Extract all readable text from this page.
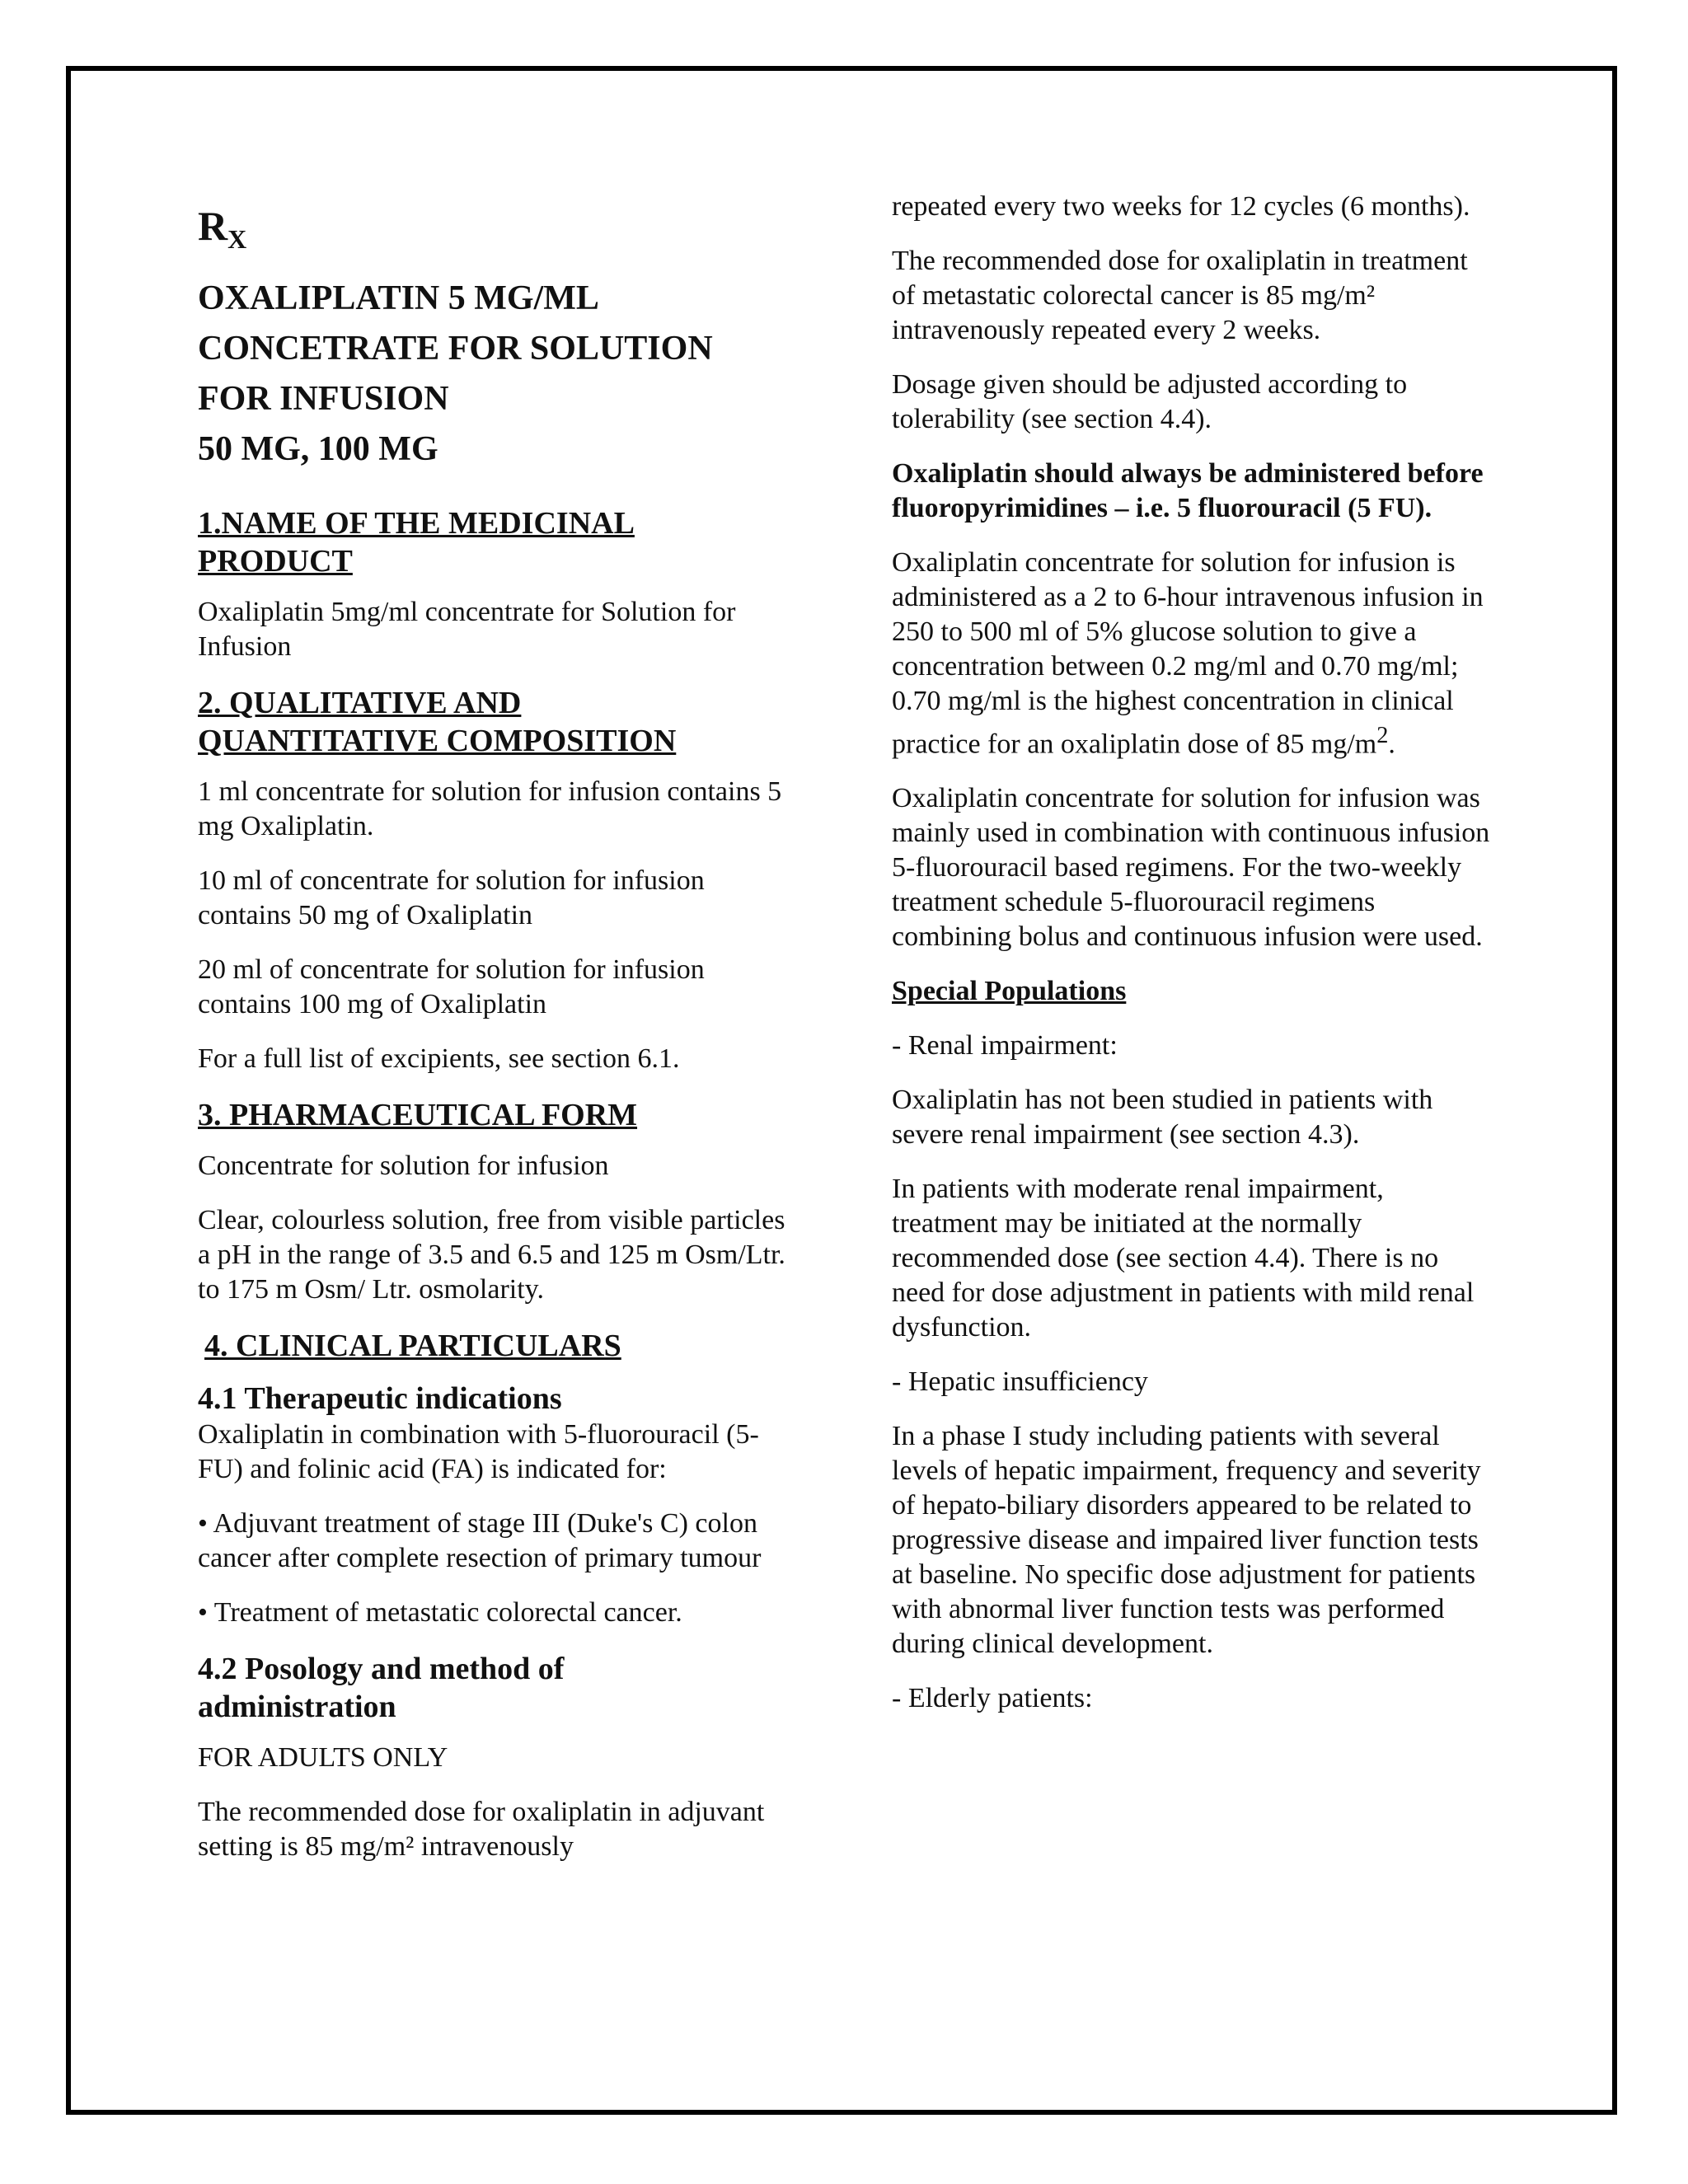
$R_X$
OXALIPLATIN 5 MG/ML
CONCETRATE FOR SOLUTION
FOR INFUSION
50 MG, 100 MG
1.NAME OF THE MEDICINAL
PRODUCT

Oxaliplatin 5mg/ml concentrate for Solution for Infusion

2. QUALITATIVE AND
QUANTITATIVE COMPOSITION

1 ml concentrate for solution for infusion contains 5 mg Oxaliplatin.

10 ml of concentrate for solution for infusion contains 50 mg of Oxaliplatin

20 ml of concentrate for solution for infusion contains 100 mg of Oxaliplatin

For a full list of excipients, see section 6.1.

3. PHARMACEUTICAL FORM

Concentrate for solution for infusion

Clear, colourless solution, free from visible particles a pH in the range of 3.5 and 6.5 and 125 m Osm/Ltr. to 175 m Osm/ Ltr. osmolarity.

4. CLINICAL PARTICULARS
4.1 Therapeutic indications

Oxaliplatin in combination with 5-fluorouracil (5-FU) and folinic acid (FA) is indicated for:

• Adjuvant treatment of stage III (Duke's C) colon cancer after complete resection of primary tumour

• Treatment of metastatic colorectal cancer.

4.2 Posology and method of
administration

FOR ADULTS ONLY

The recommended dose for oxaliplatin in adjuvant setting is 85 mg/m² intravenously

repeated every two weeks for 12 cycles (6 months).

The recommended dose for oxaliplatin in treatment of metastatic colorectal cancer is 85 mg/m² intravenously repeated every 2 weeks.

Dosage given should be adjusted according to tolerability (see section 4.4).

Oxaliplatin should always be administered before fluoropyrimidines – i.e. 5 fluorouracil (5 FU).

Oxaliplatin concentrate for solution for infusion is administered as a 2 to 6-hour intravenous infusion in 250 to 500 ml of 5% glucose solution to give a concentration between 0.2 mg/ml and 0.70 mg/ml; 0.70 mg/ml is the highest concentration in clinical practice for an oxaliplatin dose of 85 $mg/m^2$.

Oxaliplatin concentrate for solution for infusion was mainly used in combination with continuous infusion 5-fluorouracil based regimens. For the two-weekly treatment schedule 5-fluorouracil regimens combining bolus and continuous infusion were used.

Special Populations

- Renal impairment:

Oxaliplatin has not been studied in patients with severe renal impairment (see section 4.3).

In patients with moderate renal impairment, treatment may be initiated at the normally recommended dose (see section 4.4). There is no need for dose adjustment in patients with mild renal dysfunction.

- Hepatic insufficiency

In a phase I study including patients with several levels of hepatic impairment, frequency and severity of hepato-biliary disorders appeared to be related to progressive disease and impaired liver function tests at baseline. No specific dose adjustment for patients with abnormal liver function tests was performed during clinical development.

- Elderly patients:
